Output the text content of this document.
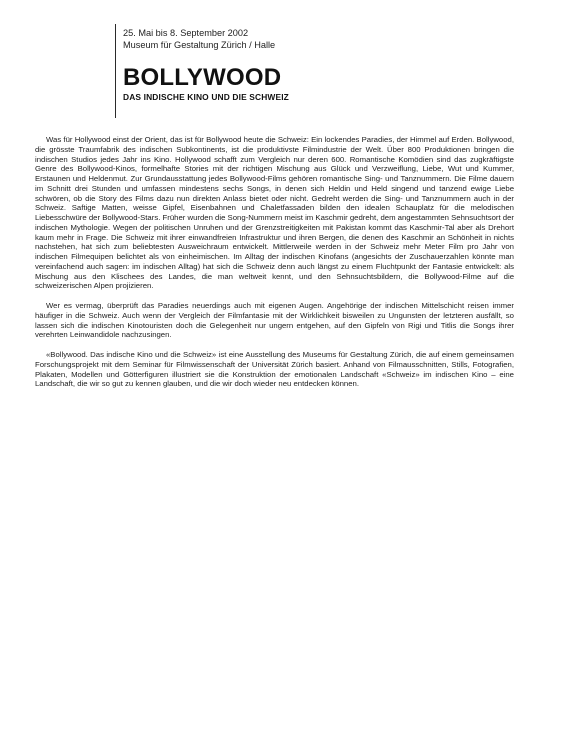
25. Mai bis 8. September 2002
Museum für Gestaltung Zürich / Halle
BOLLYWOOD
DAS INDISCHE KINO UND DIE SCHWEIZ

Was für Hollywood einst der Orient, das ist für Bollywood heute die Schweiz: Ein lockendes Paradies, der Himmel auf Erden. Bollywood, die grösste Traumfabrik des indischen Subkontinents, ist die produktivste Filmindustrie der Welt. Über 800 Produktionen bringen die indischen Studios jedes Jahr ins Kino. Hollywood schafft zum Vergleich nur deren 600. Romantische Komödien sind das zugkräftigste Genre des Bollywood-Kinos, formelhafte Stories mit der richtigen Mischung aus Glück und Verzweiflung, Liebe, Wut und Kummer, Erstaunen und Heldenmut. Zur Grundausstattung jedes Bollywood-Films gehören romantische Sing- und Tanznummern. Die Filme dauern im Schnitt drei Stunden und umfassen mindestens sechs Songs, in denen sich Heldin und Held singend und tanzend ewige Liebe schwören, ob die Story des Films dazu nun direkten Anlass bietet oder nicht. Gedreht werden die Sing- und Tanznummern auch in der Schweiz. Saftige Matten, weisse Gipfel, Eisenbahnen und Chaletfassaden bilden den idealen Schauplatz für die melodischen Liebesschwüre der Bollywood-Stars. Früher wurden die Song-Nummern meist im Kaschmir gedreht, dem angestammten Sehnsuchtsort der indischen Mythologie. Wegen der politischen Unruhen und der Grenzstreitigkeiten mit Pakistan kommt das Kaschmir-Tal aber als Drehort kaum mehr in Frage. Die Schweiz mit ihrer einwandfreien Infrastruktur und ihren Bergen, die denen des Kaschmir an Schönheit in nichts nachstehen, hat sich zum beliebtesten Ausweichraum entwickelt. Mittlerweile werden in der Schweiz mehr Meter Film pro Jahr von indischen Filmequipen belichtet als von einheimischen. Im Alltag der indischen Kinofans (angesichts der Zuschauerzahlen könnte man vereinfachend auch sagen: im indischen Alltag) hat sich die Schweiz denn auch längst zu einem Fluchtpunkt der Fantasie entwickelt: als Mischung aus den Klischees des Landes, die man weltweit kennt, und den Sehnsuchtsbildern, die Bollywood-Filme auf die schweizerischen Alpen projizieren.

Wer es vermag, überprüft das Paradies neuerdings auch mit eigenen Augen. Angehörige der indischen Mittelschicht reisen immer häufiger in die Schweiz. Auch wenn der Vergleich der Filmfantasie mit der Wirklichkeit bisweilen zu Ungunsten der letzteren ausfällt, so lassen sich die indischen Kinotouristen doch die Gelegenheit nur ungern entgehen, auf den Gipfeln von Rigi und Titlis die Songs ihrer verehrten Leinwandidole nachzusingen.

«Bollywood. Das indische Kino und die Schweiz» ist eine Ausstellung des Museums für Gestaltung Zürich, die auf einem gemeinsamen Forschungsprojekt mit dem Seminar für Filmwissenschaft der Universität Zürich basiert. Anhand von Filmausschnitten, Stills, Fotografien, Plakaten, Modellen und Götterfiguren illustriert sie die Konstruktion der emotionalen Landschaft «Schweiz» im indischen Kino – eine Landschaft, die wir so gut zu kennen glauben, und die wir doch wieder neu entdecken können.
